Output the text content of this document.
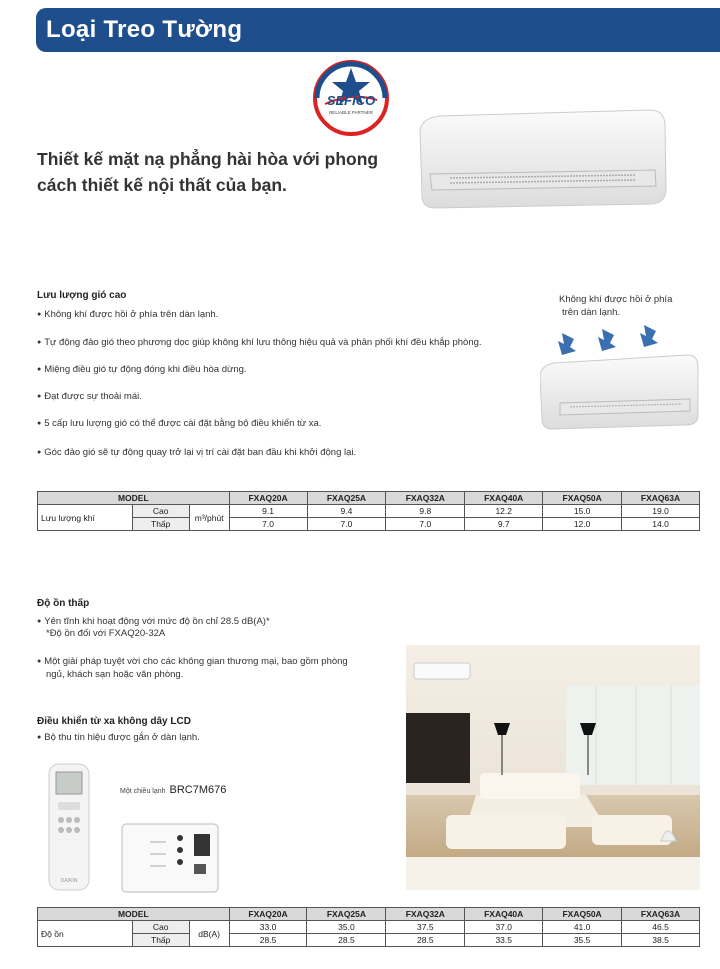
Loại Treo Tường
SEFICO
RELIABLE PARTNER
Thiết kế mặt nạ phẳng hài hòa với phong
cách thiết kế nội thất của bạn.
Lưu lượng gió cao
● Không khí được hồi ở phía trên dàn lạnh.
● Tự động đảo gió theo phương dọc giúp không khí lưu thông hiệu quả và phân phối khí đều khắp phòng.
● Miệng điều gió tự động đóng khi điều hòa dừng.
● Đạt được sự thoải mái.
● 5 cấp lưu lượng gió có thể được cài đặt bằng bộ điều khiển từ xa.
● Góc đảo gió sẽ tự động quay trở lại vị trí cài đặt ban đầu khi khởi động lại.
Không khí được hồi ở phía
trên dàn lạnh.
MODEL			FXAQ20A	FXAQ25A	FXAQ32A	FXAQ40A	FXAQ50A	FXAQ63A
Lưu lượng khí	Cao	m³/phút	9.1	9.4	9.8	12.2	15.0	19.0
	Thấp		7.0	7.0	7.0	9.7	12.0	14.0
Độ ồn thấp
● Yên tĩnh khi hoạt động với mức độ ồn chỉ 28.5 dB(A)*
*Độ ồn đối với FXAQ20-32A
● Một giải pháp tuyệt vời cho các không gian thương mại, bao gồm phòng
ngủ, khách sạn hoặc văn phòng.
Điều khiển từ xa không dây LCD
● Bộ thu tín hiệu được gắn ở dàn lạnh.
DAIKIN
Một chiều lạnh BRC7M676
MODEL			FXAQ20A	FXAQ25A	FXAQ32A	FXAQ40A	FXAQ50A	FXAQ63A
Độ ồn	Cao	dB(A)	33.0	35.0	37.5	37.0	41.0	46.5
	Thấp		28.5	28.5	28.5	33.5	35.5	38.5
